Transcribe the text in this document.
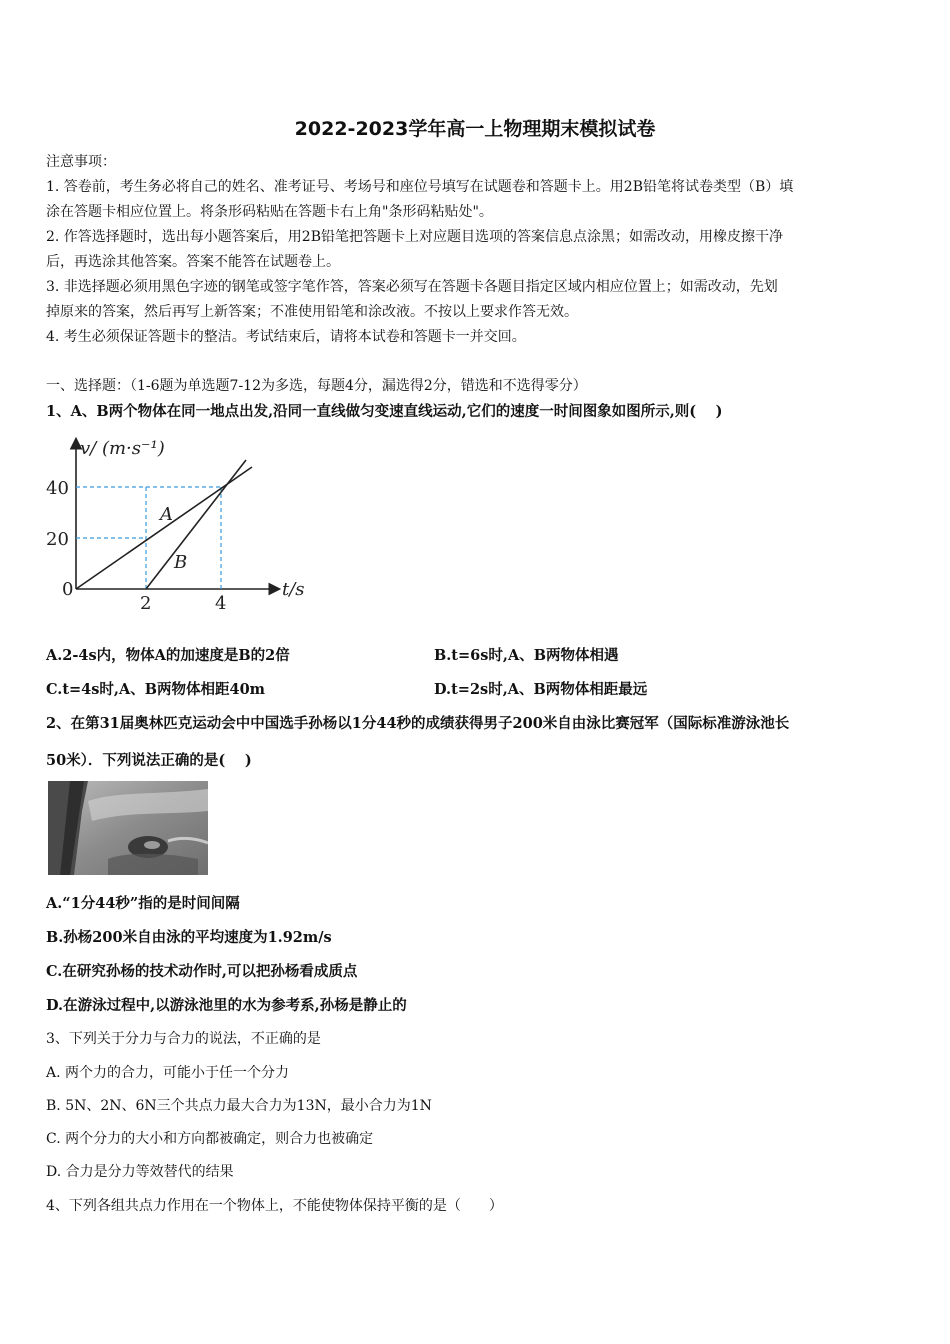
2022-2023学年高一上物理期末模拟试卷
注意事项：
1. 答卷前，考生务必将自己的姓名、准考证号、考场号和座位号填写在试题卷和答题卡上。用2B铅笔将试卷类型（B）填
涂在答题卡相应位置上。将条形码粘贴在答题卡右上角"条形码粘贴处"。
2. 作答选择题时，选出每小题答案后，用2B铅笔把答题卡上对应题目选项的答案信息点涂黑；如需改动，用橡皮擦干净
后，再选涂其他答案。答案不能答在试题卷上。
3. 非选择题必须用黑色字迹的钢笔或签字笔作答，答案必须写在答题卡各题目指定区域内相应位置上；如需改动，先划
掉原来的答案，然后再写上新答案；不准使用铅笔和涂改液。不按以上要求作答无效。
4. 考生必须保证答题卡的整洁。考试结束后，请将本试卷和答题卡一并交回。
一、选择题：（1-6题为单选题7-12为多选，每题4分，漏选得2分，错选和不选得零分）
1、A、B两个物体在同一地点出发,沿同一直线做匀变速直线运动,它们的速度一时间图象如图所示,则(　 )
v/ (m·s⁻¹)
t/s
0
40
20
2	4
A
B
A.2-4s内，物体A的加速度是B的2倍	B.t=6s时,A、B两物体相遇
C.t=4s时,A、B两物体相距40m	D.t=2s时,A、B两物体相距最远
2、在第31届奥林匹克运动会中中国选手孙杨以1分44秒的成绩获得男子200米自由泳比赛冠军（国际标准游泳池长
50米）．下列说法正确的是(　 )
A.“1分44秒”指的是时间间隔
B.孙杨200米自由泳的平均速度为1.92m/s
C.在研究孙杨的技术动作时,可以把孙杨看成质点
D.在游泳过程中,以游泳池里的水为参考系,孙杨是静止的
3、下列关于分力与合力的说法，不正确的是
A. 两个力的合力，可能小于任一个分力
B. 5N、2N、6N三个共点力最大合力为13N，最小合力为1N
C. 两个分力的大小和方向都被确定，则合力也被确定
D. 合力是分力等效替代的结果
4、下列各组共点力作用在一个物体上，不能使物体保持平衡的是（　　）
